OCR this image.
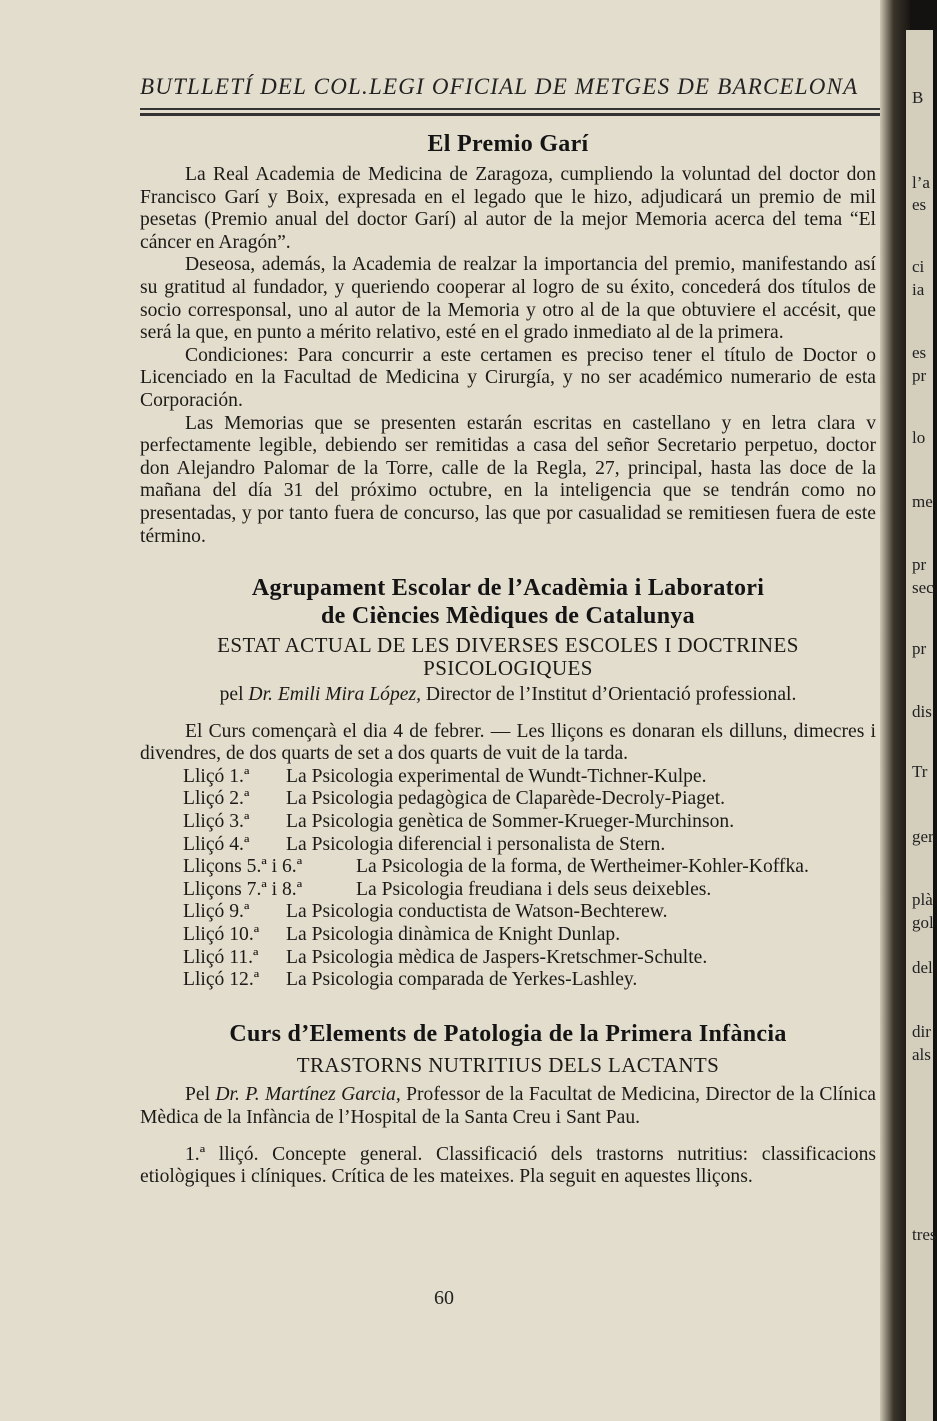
BUTLLETÍ DEL COL.LEGI OFICIAL DE METGES DE BARCELONA
El Premio Garí

La Real Academia de Medicina de Zaragoza, cumpliendo la voluntad del doctor don Francisco Garí y Boix, expresada en el legado que le hizo, adjudicará un premio de mil pesetas (Premio anual del doctor Garí) al autor de la mejor Memoria acerca del tema “El cáncer en Aragón”.

Deseosa, además, la Academia de realzar la importancia del premio, manifestando así su gratitud al fundador, y queriendo cooperar al logro de su éxito, concederá dos títulos de socio corresponsal, uno al autor de la Memoria y otro al de la que obtuviere el accésit, que será la que, en punto a mérito relativo, esté en el grado inmediato al de la primera.

Condiciones: Para concurrir a este certamen es preciso tener el título de Doctor o Licenciado en la Facultad de Medicina y Cirurgía, y no ser académico numerario de esta Corporación.

Las Memorias que se presenten estarán escritas en castellano y en letra clara v perfectamente legible, debiendo ser remitidas a casa del señor Secretario perpetuo, doctor don Alejandro Palomar de la Torre, calle de la Regla, 27, principal, hasta las doce de la mañana del día 31 del próximo octubre, en la inteligencia que se tendrán como no presentadas, y por tanto fuera de concurso, las que por casualidad se remitiesen fuera de este término.

Agrupament Escolar de l’Acadèmia i Laboratori
de Ciències Mèdiques de Catalunya
ESTAT ACTUAL DE LES DIVERSES ESCOLES I DOCTRINES
PSICOLOGIQUES
pel Dr. Emili Mira López, Director de l’Institut d’Orientació professional.

El Curs començarà el dia 4 de febrer. — Les lliçons es donaran els dilluns, dimecres i divendres, de dos quarts de set a dos quarts de vuit de la tarda.

Lliçó 1.ª La Psicologia experimental de Wundt-Tichner-Kulpe.
Lliçó 2.ª La Psicologia pedagògica de Claparède-Decroly-Piaget.
Lliçó 3.ª La Psicologia genètica de Sommer-Krueger-Murchinson.
Lliçó 4.ª La Psicologia diferencial i personalista de Stern.
Lliçons 5.ª i 6.ª	La Psicologia de la forma, de Wertheimer-Kohler-Koffka.
Lliçons 7.ª i 8.ª	La Psicologia freudiana i dels seus deixebles.
Lliçó 9.ª La Psicologia conductista de Watson-Bechterew.
Lliçó 10.ª La Psicologia dinàmica de Knight Dunlap.
Lliçó 11.ª La Psicologia mèdica de Jaspers-Kretschmer-Schulte.
Lliçó 12.ª La Psicologia comparada de Yerkes-Lashley.
Curs d’Elements de Patologia de la Primera Infància
TRASTORNS NUTRITIUS DELS LACTANTS

Pel Dr. P. Martínez Garcia, Professor de la Facultat de Medicina, Director de la Clínica Mèdica de la Infància de l’Hospital de la Santa Creu i Sant Pau.

1.ª lliçó. Concepte general. Classificació dels trastorns nutritius: classificacions etiològiques i clíniques. Crítica de les mateixes. Pla seguit en aquestes lliçons.

60
B
l’a
es
ci
ia
es
pr
lo
me
pr
sec
pr
dis
Tr
ger
plà
gol
del
dir
als
tres
